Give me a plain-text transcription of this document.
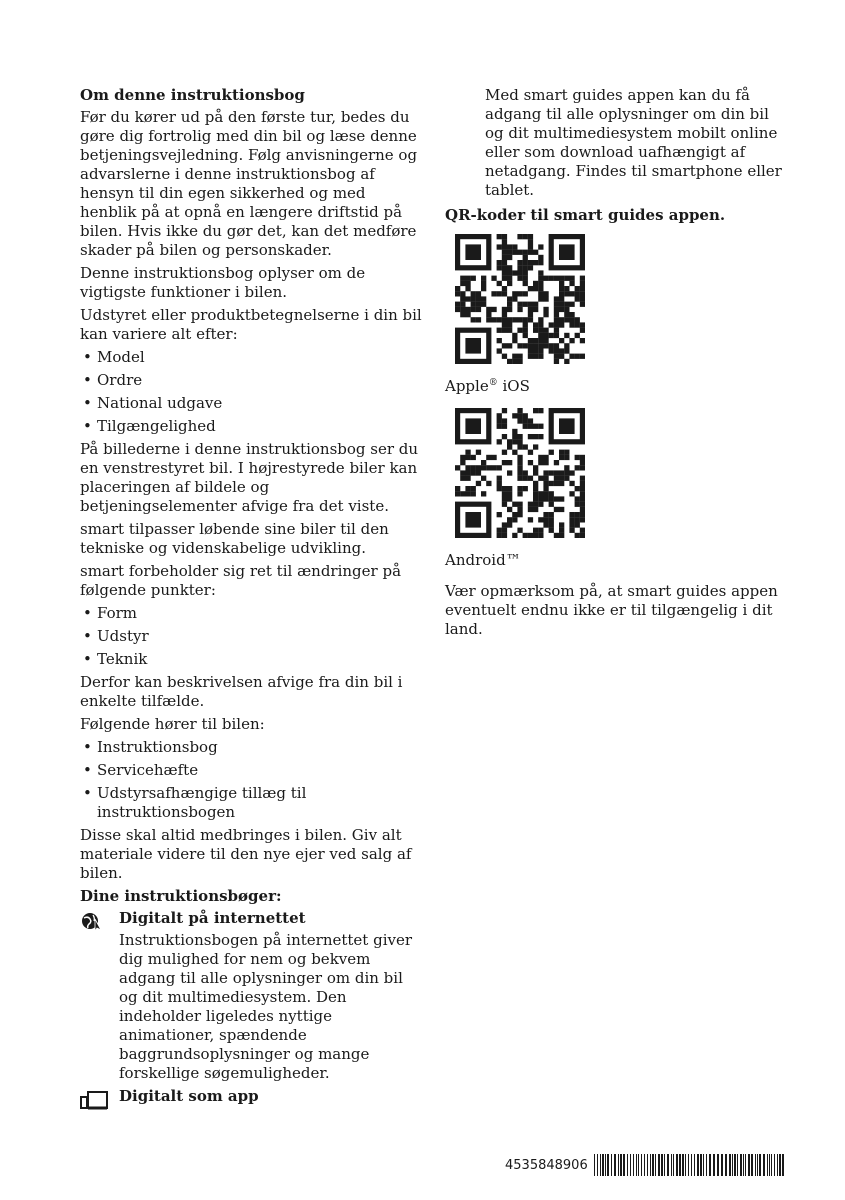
Om denne instruktionsbog

Før du kører ud på den første tur, bedes du gøre dig fortrolig med din bil og læse denne betjeningsvejledning. Følg anvisningerne og advarslerne i denne instruktionsbog af hensyn til din egen sikkerhed og med henblik på at opnå en længere driftstid på bilen. Hvis ikke du gør det, kan det medføre skader på bilen og personskader.

Denne instruktionsbog oplyser om de vigtigste funktioner i bilen.

Udstyret eller produktbetegnelserne i din bil kan variere alt efter:

• Model
• Ordre
• National udgave
• Tilgængelighed

På billederne i denne instruktionsbog ser du en venstrestyret bil. I højrestyrede biler kan placeringen af bildele og betjeningselementer afvige fra det viste.

smart tilpasser løbende sine biler til den tekniske og videnskabelige udvikling.

smart forbeholder sig ret til ændringer på følgende punkter:

• Form
• Udstyr
• Teknik

Derfor kan beskrivelsen afvige fra din bil i enkelte tilfælde.

Følgende hører til bilen:

• Instruktionsbog
• Servicehæfte
• Udstyrsafhængige tillæg til instruktionsbogen

Disse skal altid medbringes i bilen. Giv alt materiale videre til den nye ejer ved salg af bilen.

Dine instruktionsbøger:
Digitalt på internettet

Instruktionsbogen på internettet giver dig mulighed for nem og bekvem adgang til alle oplysninger om din bil og dit multimediesystem. Den indeholder ligeledes nyttige animationer, spændende baggrundsoplysninger og mange forskellige søgemuligheder.

Digitalt som app

Med smart guides appen kan du få adgang til alle oplysninger om din bil og dit multimediesystem mobilt online eller som download uafhængigt af netadgang. Findes til smartphone eller tablet.

QR-koder til smart guides appen.

Apple® iOS

Android™

Vær opmærksom på, at smart guides appen eventuelt endnu ikke er til tilgængelig i dit land.

4535848906
